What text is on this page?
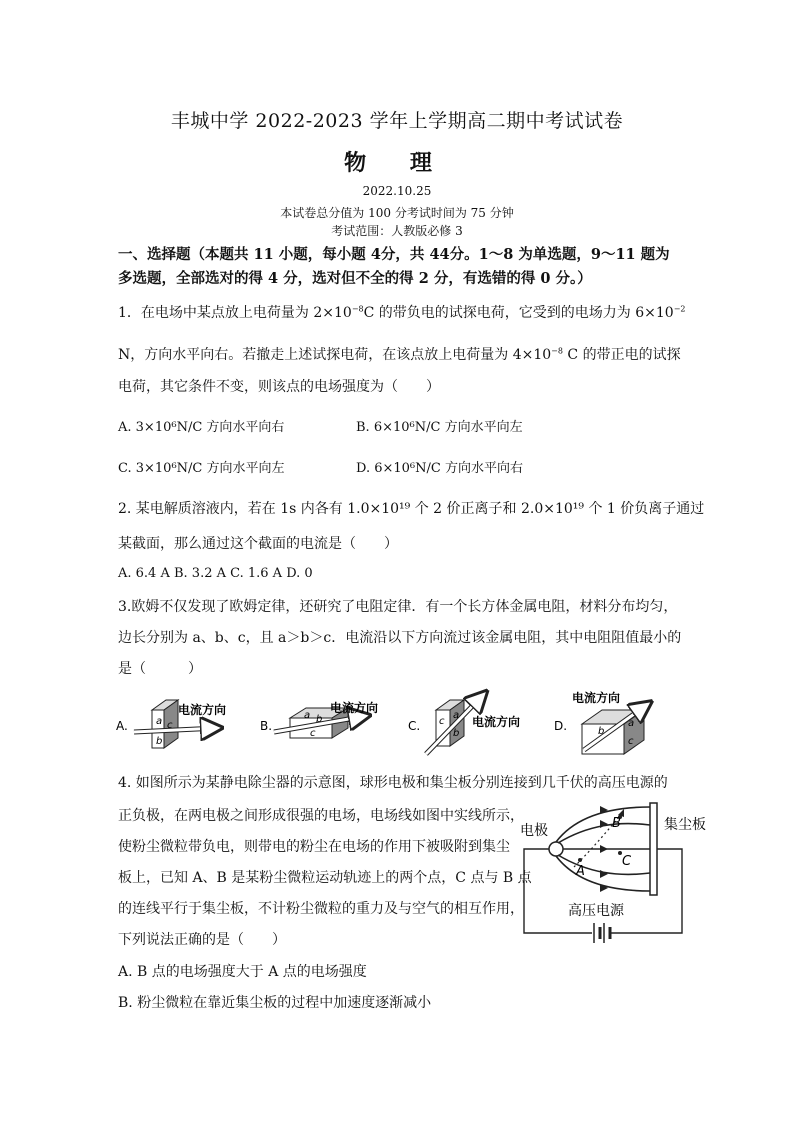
丰城中学 2022-2023 学年上学期高二期中考试试卷
物 理
2022.10.25
本试卷总分值为 100 分考试时间为 75 分钟
考试范围：人教版必修 3
一、选择题（本题共 11 小题，每小题 4分，共 44分。1～8 为单选题，9～11 题为
多选题，全部选对的得 4 分，选对但不全的得 2 分，有选错的得 0 分。）
1．在电场中某点放上电荷量为 $2\times 10^{-8}C$ 的带负电的试探电荷，它受到的电场力为 $6\times 10^{-2}$
N，方向水平向右。若撤走上述试探电荷，在该点放上电荷量为 $4\times 10^{-8}$ C 的带正电的试探
电荷，其它条件不变，则该点的电场强度为（　　）
A. 3×10⁶N/C 方向水平向右	B. 6×10⁶N/C 方向水平向左
C. 3×10⁶N/C 方向水平向左	D. 6×10⁶N/C 方向水平向右
2. 某电解质溶液内，若在 1s 内各有 1.0×10¹⁹ 个 2 价正离子和 2.0×10¹⁹ 个 1 价负离子通过
某截面，那么通过这个截面的电流是（　　）
A. 6.4 A B. 3.2 A C. 1.6 A D. 0
3.欧姆不仅发现了欧姆定律，还研究了电阻定律．有一个长方体金属电阻，材料分布均匀，
边长分别为 a、b、c，且 a＞b＞c．电流沿以下方向流过该金属电阻，其中电阻阻值最小的
是（　　　）
A.	a c
b
电流方向
B.
a b
c
电流方向
C. c
a
b
电流方向	D.	b
a
c
电流方向
4. 如图所示为某静电除尘器的示意图，球形电极和集尘板分别连接到几千伏的高压电源的
正负极，在两电极之间形成很强的电场，电场线如图中实线所示，
使粉尘微粒带负电，则带电的粉尘在电场的作用下被吸附到集尘
板上，已知 A、B 是某粉尘微粒运动轨迹上的两个点，C 点与 B 点
的连线平行于集尘板，不计粉尘微粒的重力及与空气的相互作用，
下列说法正确的是（　　）
A. B 点的电场强度大于 A 点的电场强度
B. 粉尘微粒在靠近集尘板的过程中加速度逐渐减小
集尘板
电极
A
B
C
高压电源
